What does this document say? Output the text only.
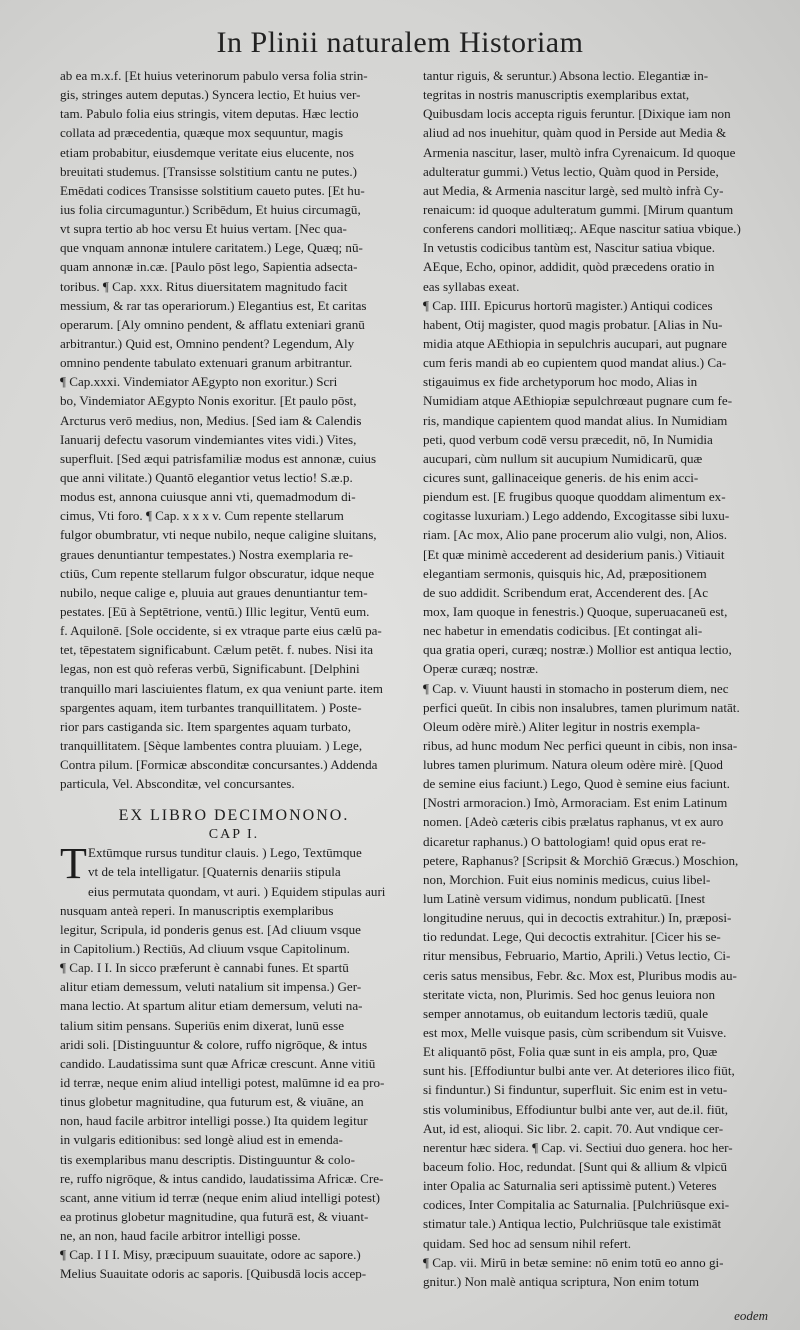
In Plinii naturalem Historiam
ab ea m.x.f. [Et huius veterinorum pabulo versa folia strin-
gis, stringes autem deputas.) Syncera lectio, Et huius ver-
tam. Pabulo folia eius stringis, vitem deputas. Hæc lectio
collata ad præcedentia, quæque mox sequuntur, magis
etiam probabitur, eiusdemque veritate eius elucente, nos
breuitati studemus. [Transisse solstitium cantu ne putes.)
Emēdati codices Transisse solstitium caueto putes. [Et hu-
ius folia circumaguntur.) Scribēdum, Et huius circumagū,
vt supra tertio ab hoc versu Et huius vertam. [Nec qua-
que vnquam annonæ intulere caritatem.) Lege, Quæq; nū-
quam annonæ in.cæ. [Paulo pōst lego, Sapientia adsecta-
toribus. ¶ Cap. xxx. Ritus diuersitatem magnitudo facit
messium, & rar tas operariorum.) Elegantius est, Et caritas
operarum. [Aly omnino pendent, & afflatu exteniari granū
arbitrantur.) Quid est, Omnino pendent? Legendum, Aly
omnino pendente tabulato extenuari granum arbitrantur.
¶ Cap.xxxi. Vindemiator AEgypto non exoritur.) Scri
bo, Vindemiator AEgypto Nonis exoritur. [Et paulo pōst,
Arcturus verō medius, non, Medius. [Sed iam & Calendis
Ianuarij defectu vasorum vindemiantes vites vidi.) Vites,
superfluit. [Sed æqui patrisfamiliæ modus est annonæ, cuius
que anni vilitate.) Quantō elegantior vetus lectio! S.æ.p.
modus est, annona cuiusque anni vti, quemadmodum di-
cimus, Vti foro. ¶ Cap. x x x v. Cum repente stellarum
fulgor obumbratur, vti neque nubilo, neque caligine sluitans,
graues denuntiantur tempestates.) Nostra exemplaria re-
ctiūs, Cum repente stellarum fulgor obscuratur, idque neque
nubilo, neque calige e, pluuia aut graues denuntiantur tem-
pestates. [Eū à Septētrione, ventū.) Illic legitur, Ventū eum.
f. Aquilonē. [Sole occidente, si ex vtraque parte eius cælū pa-
tet, tēpestatem significabunt. Cælum petēt. f. nubes. Nisi ita
legas, non est quò referas verbū, Significabunt. [Delphini
tranquillo mari lasciuientes flatum, ex qua veniunt parte. item
spargentes aquam, item turbantes tranquillitatem. ) Poste-
rior pars castiganda sic. Item spargentes aquam turbato,
tranquillitatem. [Sèque lambentes contra pluuiam. ) Lege,
Contra pilum. [Formicæ absconditæ concursantes.) Addenda
particula, Vel. Absconditæ, vel concursantes.
EX LIBRO DECIMONONO.
CAP I.
T Extūmque rursus tunditur clauis. ) Lego, Textūmque
vt de tela intelligatur. [Quaternis denariis stipula
eius permutata quondam, vt auri. ) Equidem stipulas auri
nusquam anteà reperi. In manuscriptis exemplaribus
legitur, Scripula, id ponderis genus est. [Ad cliuum vsque
in Capitolium.) Rectiūs, Ad cliuum vsque Capitolinum.
¶ Cap. I I. In sicco præferunt è cannabi funes. Et spartū
alitur etiam demessum, veluti natalium sit impensa.) Ger-
mana lectio. At spartum alitur etiam demersum, veluti na-
talium sitim pensans. Superiūs enim dixerat, lunū esse
aridi soli. [Distinguuntur & colore, ruffo nigrōque, & intus
candido. Laudatissima sunt quæ Africæ crescunt. Anne vitiū
id terræ, neque enim aliud intelligi potest, malūmne id ea pro-
tinus globetur magnitudine, qua futurum est, & viuāne, an
non, haud facile arbitror intelligi posse.) Ita quidem legitur
in vulgaris editionibus: sed longè aliud est in emenda-
tis exemplaribus manu descriptis. Distinguuntur & colo-
re, ruffo nigrōque, & intus candido, laudatissima Africæ. Cre-
scant, anne vitium id terræ (neque enim aliud intelligi potest)
ea protinus globetur magnitudine, qua futurā est, & viuant-
ne, an non, haud facile arbitror intelligi posse.
¶ Cap. I I I. Misy, præcipuum suauitate, odore ac sapore.)
Melius Suauitate odoris ac saporis. [Quibusdā locis accep-
tantur riguis, & seruntur.) Absona lectio. Elegantiæ in-
tegritas in nostris manuscriptis exemplaribus extat,
Quibusdam locis accepta riguis feruntur. [Dixique iam non
aliud ad nos inuehitur, quàm quod in Perside aut Media &
Armenia nascitur, laser, multò infra Cyrenaicum. Id quoque
adulteratur gummi.) Vetus lectio, Quàm quod in Perside,
aut Media, & Armenia nascitur largè, sed multò infrà Cy-
renaicum: id quoque adulteratum gummi. [Mirum quantum
conferens candori mollitiæq;. AEque nascitur satiua vbique.)
In vetustis codicibus tantùm est, Nascitur satiua vbique.
AEque, Echo, opinor, addidit, quòd præcedens oratio in
eas syllabas exeat.
¶ Cap. IIII. Epicurus hortorū magister.) Antiqui codices
habent, Otij magister, quod magis probatur. [Alias in Nu-
midia atque AEthiopia in sepulchris aucupari, aut pugnare
cum feris mandi ab eo cupientem quod mandat alius.) Ca-
stigauimus ex fide archetyporum hoc modo, Alias in
Numidiam atque AEthiopiæ sepulchrœaut pugnare cum fe-
ris, mandique capientem quod mandat alius. In Numidiam
peti, quod verbum codē versu præcedit, nō, In Numidia
aucupari, cùm nullum sit aucupium Numidicarū, quæ
cicures sunt, gallinaceique generis. de his enim acci-
piendum est. [E frugibus quoque quoddam alimentum ex-
cogitasse luxuriam.) Lego addendo, Excogitasse sibi luxu-
riam. [Ac mox, Alio pane procerum alio vulgi, non, Alios.
[Et quæ minimè accederent ad desiderium panis.) Vitiauit
elegantiam sermonis, quisquis hic, Ad, præpositionem
de suo addidit. Scribendum erat, Accenderent des. [Ac
mox, Iam quoque in fenestris.) Quoque, superuacaneū est,
nec habetur in emendatis codicibus. [Et contingat ali-
qua gratia operi, curæq; nostræ.) Mollior est antiqua lectio,
Operæ curæq; nostræ.
¶ Cap. v. Viuunt hausti in stomacho in posterum diem, nec
perfici queūt. In cibis non insalubres, tamen plurimum natāt.
Oleum odère mirè.) Aliter legitur in nostris exempla-
ribus, ad hunc modum Nec perfici queunt in cibis, non insa-
lubres tamen plurimum. Natura oleum odère mirè. [Quod
de semine eius faciunt.) Lego, Quod è semine eius faciunt.
[Nostri armoracion.) Imò, Armoraciam. Est enim Latinum
nomen. [Adeò cæteris cibis prælatus raphanus, vt ex auro
dicaretur raphanus.) O battologiam! quid opus erat re-
petere, Raphanus? [Scripsit & Morchiō Græcus.) Moschion,
non, Morchion. Fuit eius nominis medicus, cuius libel-
lum Latinè versum vidimus, nondum publicatū. [Inest
longitudine neruus, qui in decoctis extrahitur.) In, præposi-
tio redundat. Lege, Qui decoctis extrahitur. [Cicer his se-
ritur mensibus, Februario, Martio, Aprili.) Vetus lectio, Ci-
ceris satus mensibus, Febr. &c. Mox est, Pluribus modis au-
steritate victa, non, Plurimis. Sed hoc genus leuiora non
semper annotamus, ob euitandum lectoris tædiū, quale
est mox, Melle vuisque pasis, cùm scribendum sit Vuisve.
Et aliquantō pōst, Folia quæ sunt in eis ampla, pro, Quæ
sunt his. [Effodiuntur bulbi ante ver. At deteriores ilico fiūt,
si finduntur.) Si finduntur, superfluit. Sic enim est in vetu-
stis voluminibus, Effodiuntur bulbi ante ver, aut de.il. fiūt,
Aut, id est, alioqui. Sic libr. 2. capit. 70. Aut vndique cer-
nerentur hæc sidera. ¶ Cap. vi. Sectiui duo genera. hoc her-
baceum folio. Hoc, redundat. [Sunt qui & allium & vlpicū
inter Opalia ac Saturnalia seri aptissimè putent.) Veteres
codices, Inter Compitalia ac Saturnalia. [Pulchriūsque exi-
stimatur tale.) Antiqua lectio, Pulchriūsque tale existimāt
quidam. Sed hoc ad sensum nihil refert.
¶ Cap. vii. Mirū in betæ semine: nō enim totū eo anno gi-
gnitur.) Non malè antiqua scriptura, Non enim totum
eodem
